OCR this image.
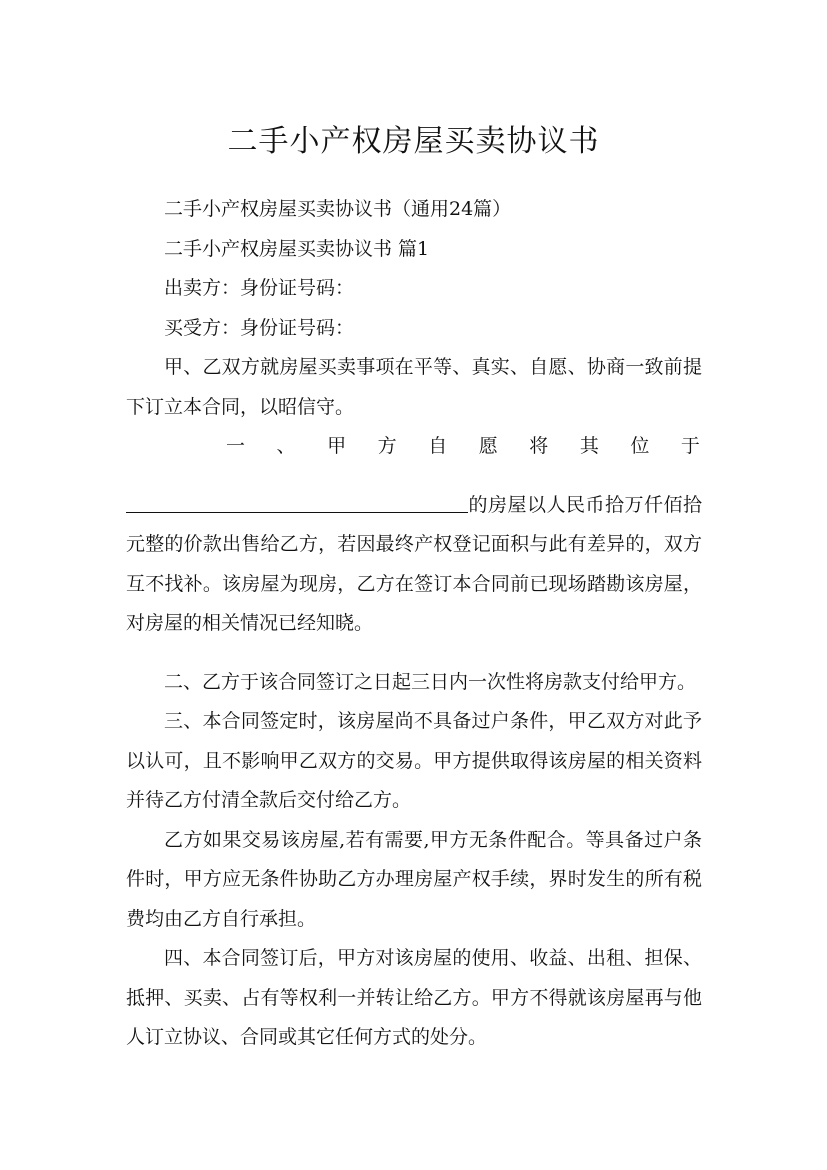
二手小产权房屋买卖协议书

二手小产权房屋买卖协议书（通用24篇）

二手小产权房屋买卖协议书 篇1

出卖方：身份证号码：

买受方：身份证号码：

甲、乙双方就房屋买卖事项在平等、真实、自愿、协商一致前提下订立本合同，以昭信守。

一 、 甲 方 自 愿 将 其 位 于

的房屋以人民币拾万仟佰拾元整的价款出售给乙方，若因最终产权登记面积与此有差异的，双方互不找补。该房屋为现房，乙方在签订本合同前已现场踏勘该房屋，对房屋的相关情况已经知晓。

二、乙方于该合同签订之日起三日内一次性将房款支付给甲方。

三、本合同签定时，该房屋尚不具备过户条件，甲乙双方对此予以认可，且不影响甲乙双方的交易。甲方提供取得该房屋的相关资料并待乙方付清全款后交付给乙方。

乙方如果交易该房屋,若有需要,甲方无条件配合。等具备过户条件时，甲方应无条件协助乙方办理房屋产权手续，界时发生的所有税费均由乙方自行承担。

四、本合同签订后，甲方对该房屋的使用、收益、出租、担保、抵押、买卖、占有等权利一并转让给乙方。甲方不得就该房屋再与他人订立协议、合同或其它任何方式的处分。
